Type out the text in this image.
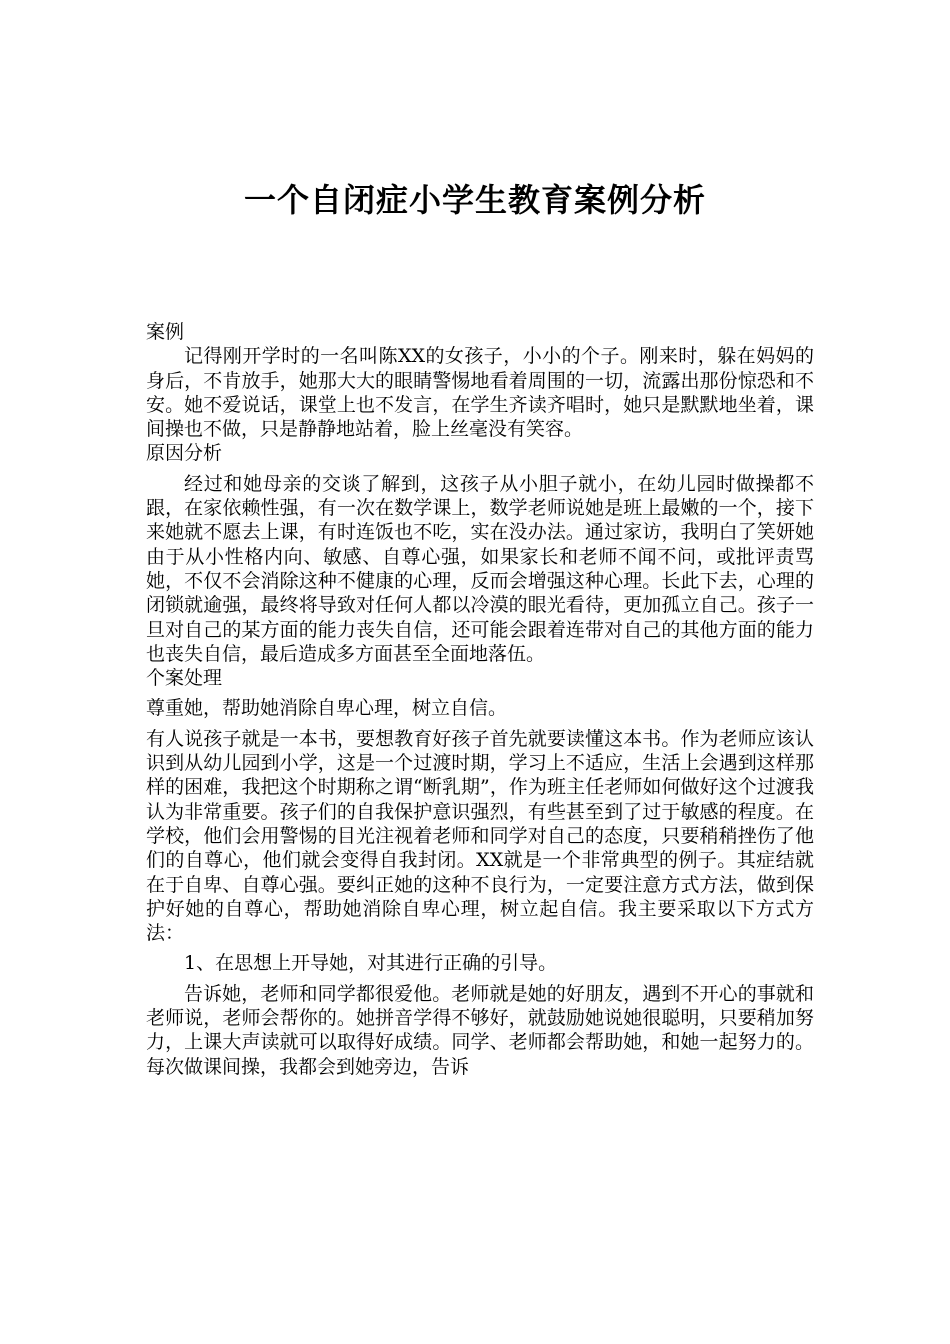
一个自闭症小学生教育案例分析

案例

记得刚开学时的一名叫陈XX的女孩子，小小的个子。刚来时，躲在妈妈的身后，不肯放手，她那大大的眼睛警惕地看着周围的一切，流露出那份惊恐和不安。她不爱说话，课堂上也不发言，在学生齐读齐唱时，她只是默默地坐着，课间操也不做，只是静静地站着，脸上丝毫没有笑容。

原因分析

经过和她母亲的交谈了解到，这孩子从小胆子就小，在幼儿园时做操都不跟，在家依赖性强，有一次在数学课上，数学老师说她是班上最嫩的一个，接下来她就不愿去上课，有时连饭也不吃，实在没办法。通过家访，我明白了笑妍她由于从小性格内向、敏感、自尊心强，如果家长和老师不闻不问，或批评责骂她，不仅不会消除这种不健康的心理，反而会增强这种心理。长此下去，心理的闭锁就逾强，最终将导致对任何人都以冷漠的眼光看待，更加孤立自己。孩子一旦对自己的某方面的能力丧失自信，还可能会跟着连带对自己的其他方面的能力也丧失自信，最后造成多方面甚至全面地落伍。

个案处理

尊重她，帮助她消除自卑心理，树立自信。

有人说孩子就是一本书，要想教育好孩子首先就要读懂这本书。作为老师应该认识到从幼儿园到小学，这是一个过渡时期，学习上不适应，生活上会遇到这样那样的困难，我把这个时期称之谓“断乳期”，作为班主任老师如何做好这个过渡我认为非常重要。孩子们的自我保护意识强烈，有些甚至到了过于敏感的程度。在学校，他们会用警惕的目光注视着老师和同学对自己的态度，只要稍稍挫伤了他们的自尊心，他们就会变得自我封闭。XX就是一个非常典型的例子。其症结就在于自卑、自尊心强。要纠正她的这种不良行为，一定要注意方式方法，做到保护好她的自尊心，帮助她消除自卑心理，树立起自信。我主要采取以下方式方法：

1、在思想上开导她，对其进行正确的引导。

告诉她，老师和同学都很爱他。老师就是她的好朋友，遇到不开心的事就和老师说，老师会帮你的。她拼音学得不够好，就鼓励她说她很聪明，只要稍加努力，上课大声读就可以取得好成绩。同学、老师都会帮助她，和她一起努力的。每次做课间操，我都会到她旁边，告诉
